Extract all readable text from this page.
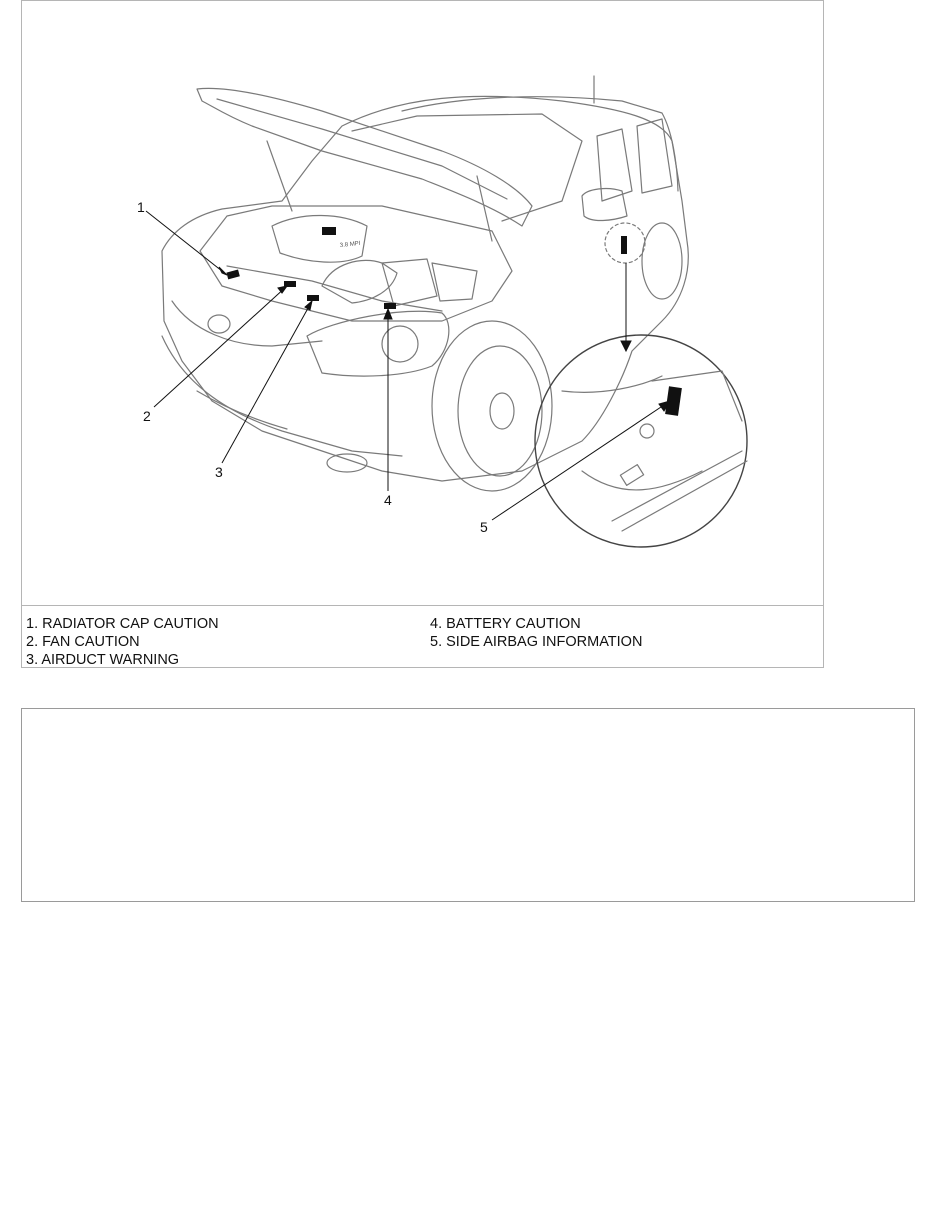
3.8 MPI
1
2
3
4
5
1. RADIATOR CAP CAUTION
2. FAN CAUTION
3. AIRDUCT WARNING
4. BATTERY CAUTION
5. SIDE AIRBAG INFORMATION
